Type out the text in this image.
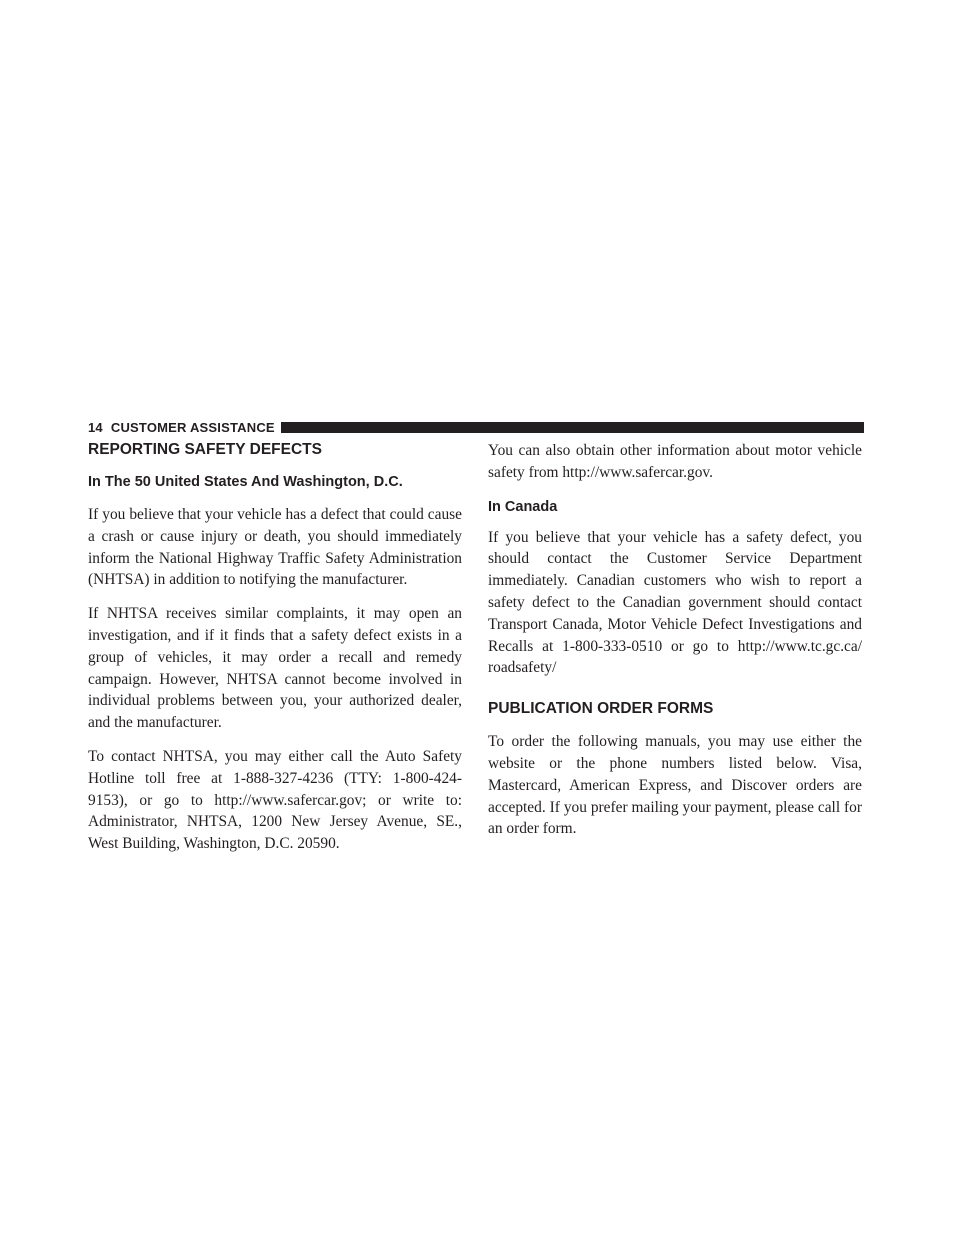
14 CUSTOMER ASSISTANCE
REPORTING SAFETY DEFECTS
In The 50 United States And Washington, D.C.

If you believe that your vehicle has a defect that could cause a crash or cause injury or death, you should immediately inform the National Highway Traffic Safety Administration (NHTSA) in addition to notifying the manufacturer.

If NHTSA receives similar complaints, it may open an investigation, and if it finds that a safety defect exists in a group of vehicles, it may order a recall and remedy campaign. However, NHTSA cannot become involved in individual problems between you, your authorized dealer, and the manufacturer.

To contact NHTSA, you may either call the Auto Safety Hotline toll free at 1-888-327-4236 (TTY: 1-800-424- 9153), or go to http://www.safercar.gov; or write to: Administrator, NHTSA, 1200 New Jersey Avenue, SE., West Building, Washington, D.C. 20590.

You can also obtain other information about motor vehicle safety from http://www.safercar.gov.

In Canada

If you believe that your vehicle has a safety defect, you should contact the Customer Service Department immediately. Canadian customers who wish to report a safety defect to the Canadian government should contact Transport Canada, Motor Vehicle Defect Investigations and Recalls at 1-800-333-0510 or go to http://www.tc.gc.ca/ roadsafety/

PUBLICATION ORDER FORMS

To order the following manuals, you may use either the website or the phone numbers listed below. Visa, Mastercard, American Express, and Discover orders are accepted. If you prefer mailing your payment, please call for an order form.
